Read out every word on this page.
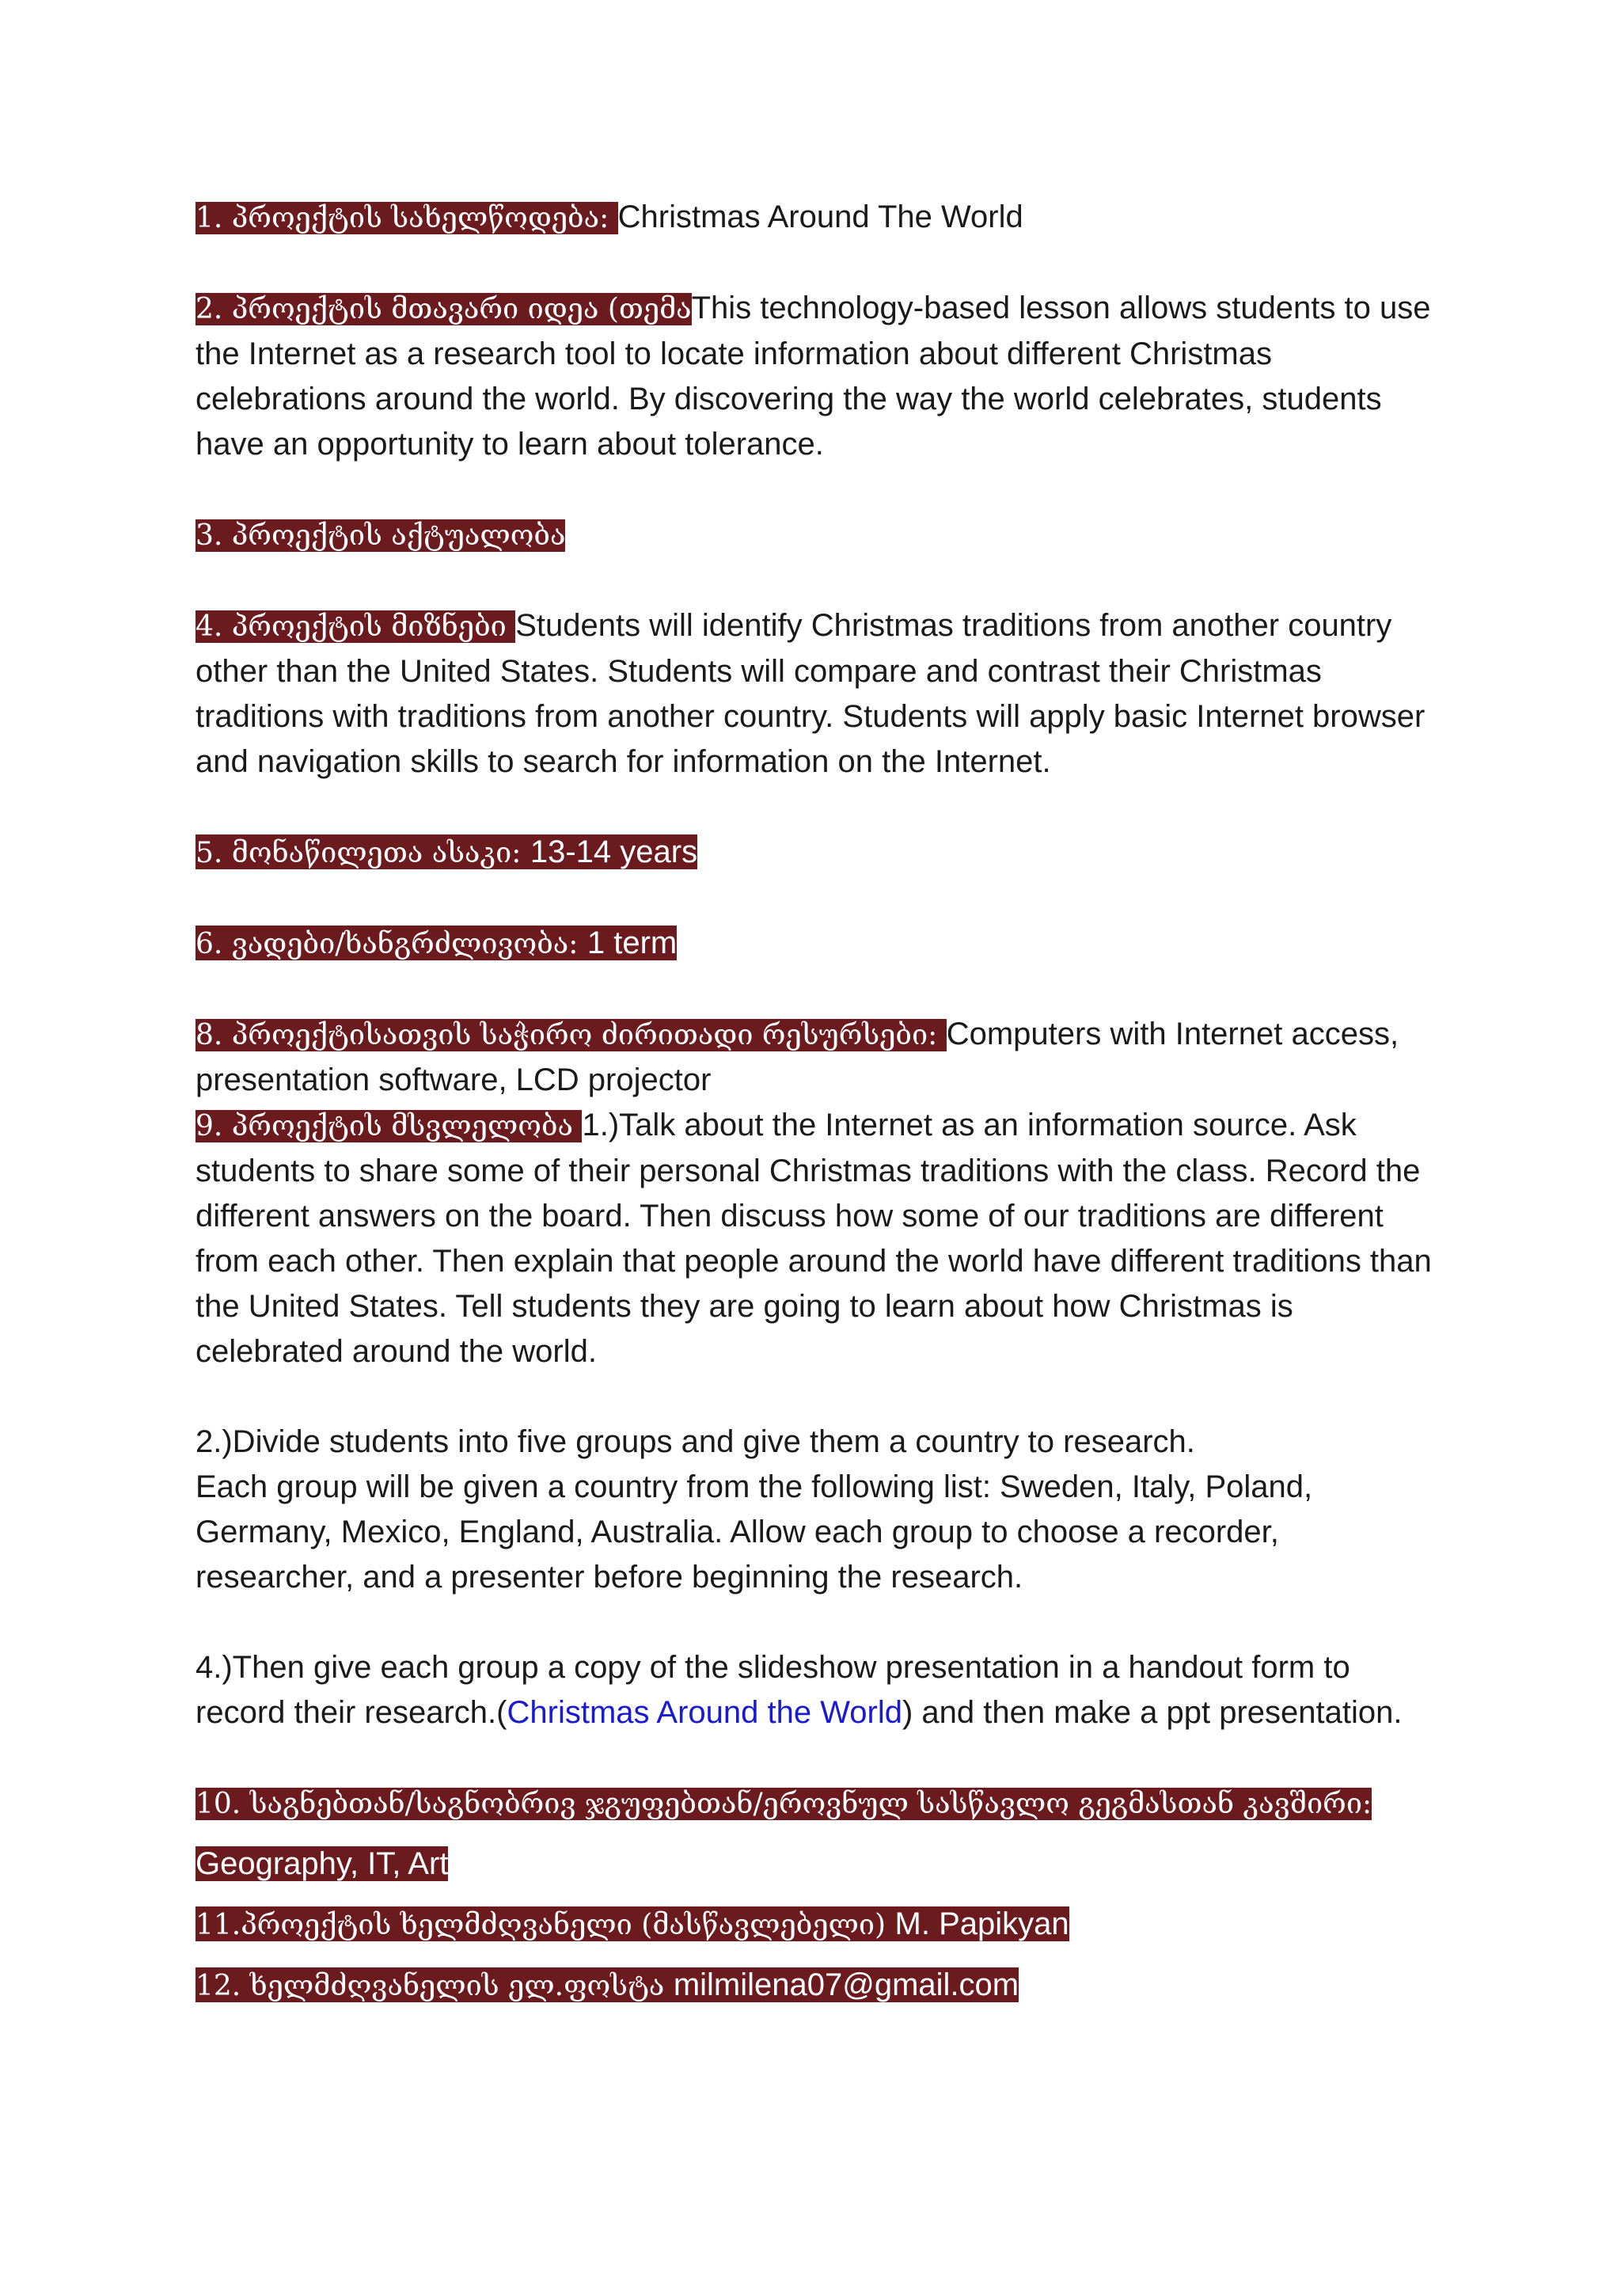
1. პროექტის სახელწოდება: Christmas Around The World

2. პროექტის მთავარი იდეა (თემაThis technology-based lesson allows students to use the Internet as a research tool to locate information about different Christmas celebrations around the world. By discovering the way the world celebrates, students have an opportunity to learn about tolerance.

3. პროექტის აქტუალობა

4. პროექტის მიზნები Students will identify Christmas traditions from another country other than the United States. Students will compare and contrast their Christmas traditions with traditions from another country. Students will apply basic Internet browser and navigation skills to search for information on the Internet.

5. მონაწილეთა ასაკი: 13-14 years

6. ვადები/ხანგრძლივობა: 1 term

8. პროექტისათვის საჭირო ძირითადი რესურსები: Computers with Internet access, presentation software, LCD projector

9. პროექტის მსვლელობა 1.)Talk about the Internet as an information source. Ask students to share some of their personal Christmas traditions with the class. Record the different answers on the board. Then discuss how some of our traditions are different from each other. Then explain that people around the world have different traditions than the United States. Tell students they are going to learn about how Christmas is celebrated around the world.

2.)Divide students into five groups and give them a country to research.

Each group will be given a country from the following list: Sweden, Italy, Poland, Germany, Mexico, England, Australia. Allow each group to choose a recorder, researcher, and a presenter before beginning the research.

4.)Then give each group a copy of the slideshow presentation in a handout form to record their research.(Christmas Around the World) and then make a ppt presentation.

10. საგნებთან/საგნობრივ ჯგუფებთან/ეროვნულ სასწავლო გეგმასთან კავშირი:

Geography, IT, Art

11.პროექტის ხელმძღვანელი (მასწავლებელი) M. Papikyan

12. ხელმძღვანელის ელ.ფოსტა milmilena07@gmail.com
